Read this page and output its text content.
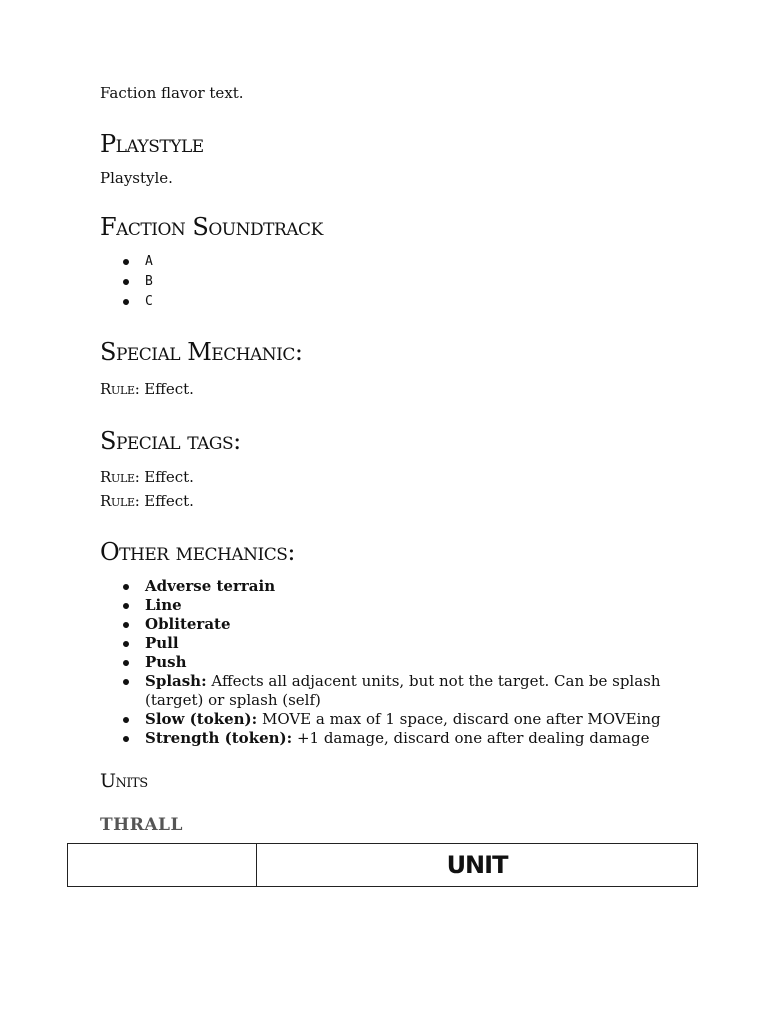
Faction flavor text.
Playstyle
Playstyle.
Faction Soundtrack
A
B
C
Special Mechanic:
Rule: Effect.
Special tags:
Rule: Effect.
Rule: Effect.
Other mechanics:
Adverse terrain
Line
Obliterate
Pull
Push
Splash: Affects all adjacent units, but not the target. Can be splash (target) or splash (self)
Slow (token): MOVE a max of 1 space, discard one after MOVEing
Strength (token): +1 damage, discard one after dealing damage
Units
THRALL
UNIT
